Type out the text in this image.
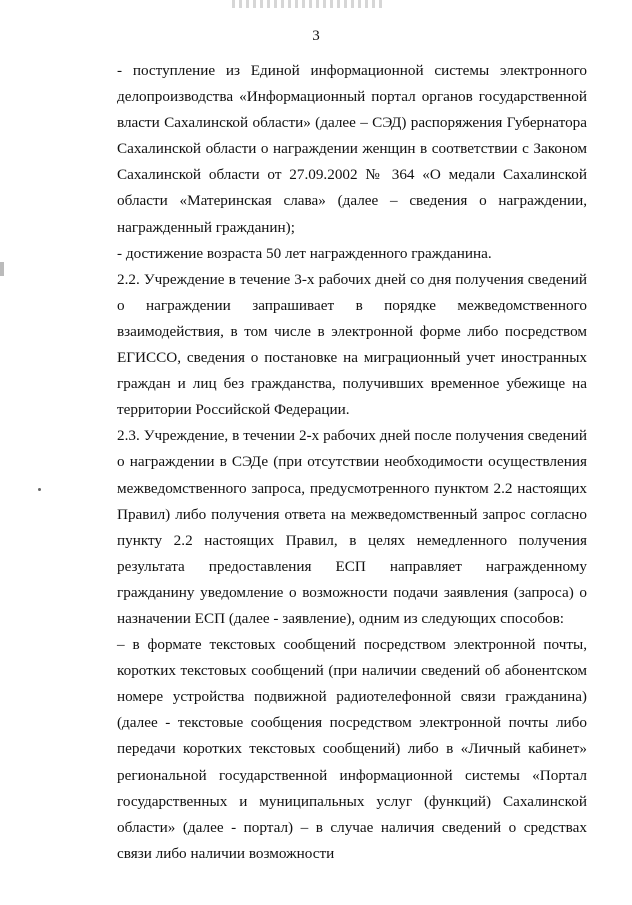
3

- поступление из Единой информационной системы электронного делопроизводства «Информационный портал органов государственной власти Сахалинской области» (далее – СЭД) распоряжения Губернатора Сахалинской области о награждении женщин в соответствии с Законом Сахалинской области от 27.09.2002 № 364 «О медали Сахалинской области «Материнская слава» (далее – сведения о награждении, награжденный гражданин);

- достижение возраста 50 лет награжденного гражданина.

2.2. Учреждение в течение 3-х рабочих дней со дня получения сведений о награждении запрашивает в порядке межведомственного взаимодействия, в том числе в электронной форме либо посредством ЕГИССО, сведения о постановке на миграционный учет иностранных граждан и лиц без гражданства, получивших временное убежище на территории Российской Федерации.

2.3. Учреждение, в течении 2-х рабочих дней после получения сведений о награждении в СЭДе (при отсутствии необходимости осуществления межведомственного запроса, предусмотренного пунктом 2.2 настоящих Правил) либо получения ответа на межведомственный запрос согласно пункту 2.2 настоящих Правил, в целях немедленного получения результата предоставления ЕСП направляет награжденному гражданину уведомление о возможности подачи заявления (запроса) о назначении ЕСП (далее - заявление), одним из следующих способов:

– в формате текстовых сообщений посредством электронной почты, коротких текстовых сообщений (при наличии сведений об абонентском номере устройства подвижной радиотелефонной связи гражданина) (далее - текстовые сообщения посредством электронной почты либо передачи коротких текстовых сообщений) либо в «Личный кабинет» региональной государственной информационной системы «Портал государственных и муниципальных услуг (функций) Сахалинской области» (далее - портал) – в случае наличия сведений о средствах связи либо наличии возможности
